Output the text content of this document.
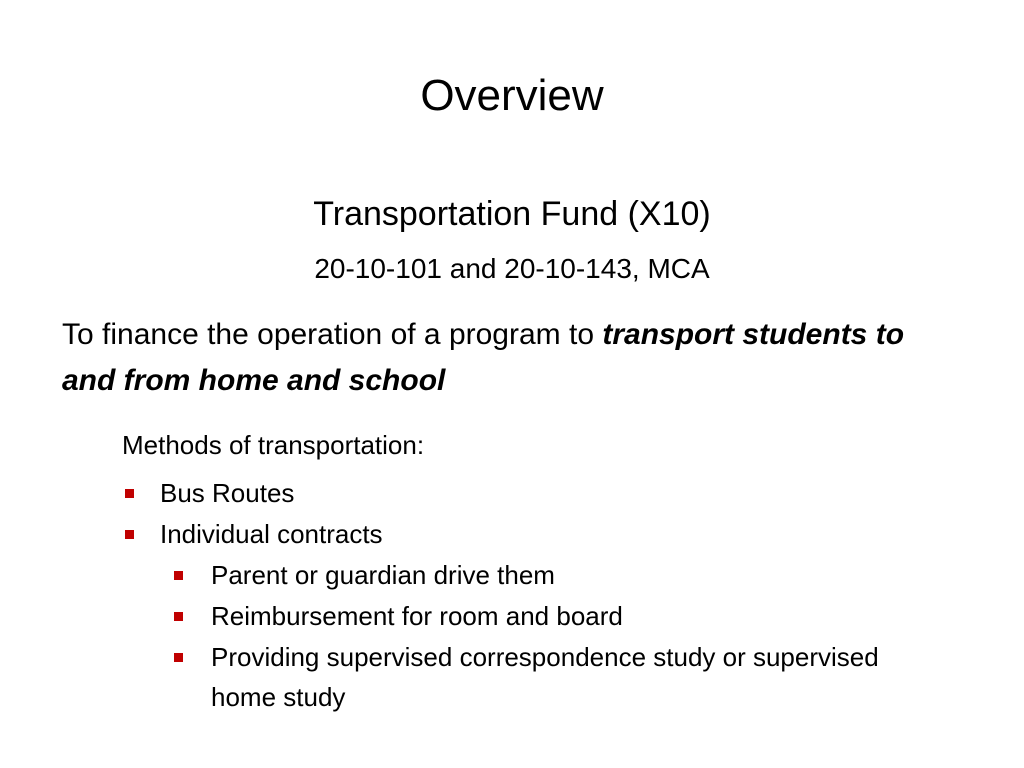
Overview
Transportation Fund (X10)
20-10-101 and 20-10-143, MCA
To finance the operation of a program to transport students to and from home and school
Methods of transportation:
Bus Routes
Individual contracts
Parent or guardian drive them
Reimbursement for room and board
Providing supervised correspondence study or supervised home study
